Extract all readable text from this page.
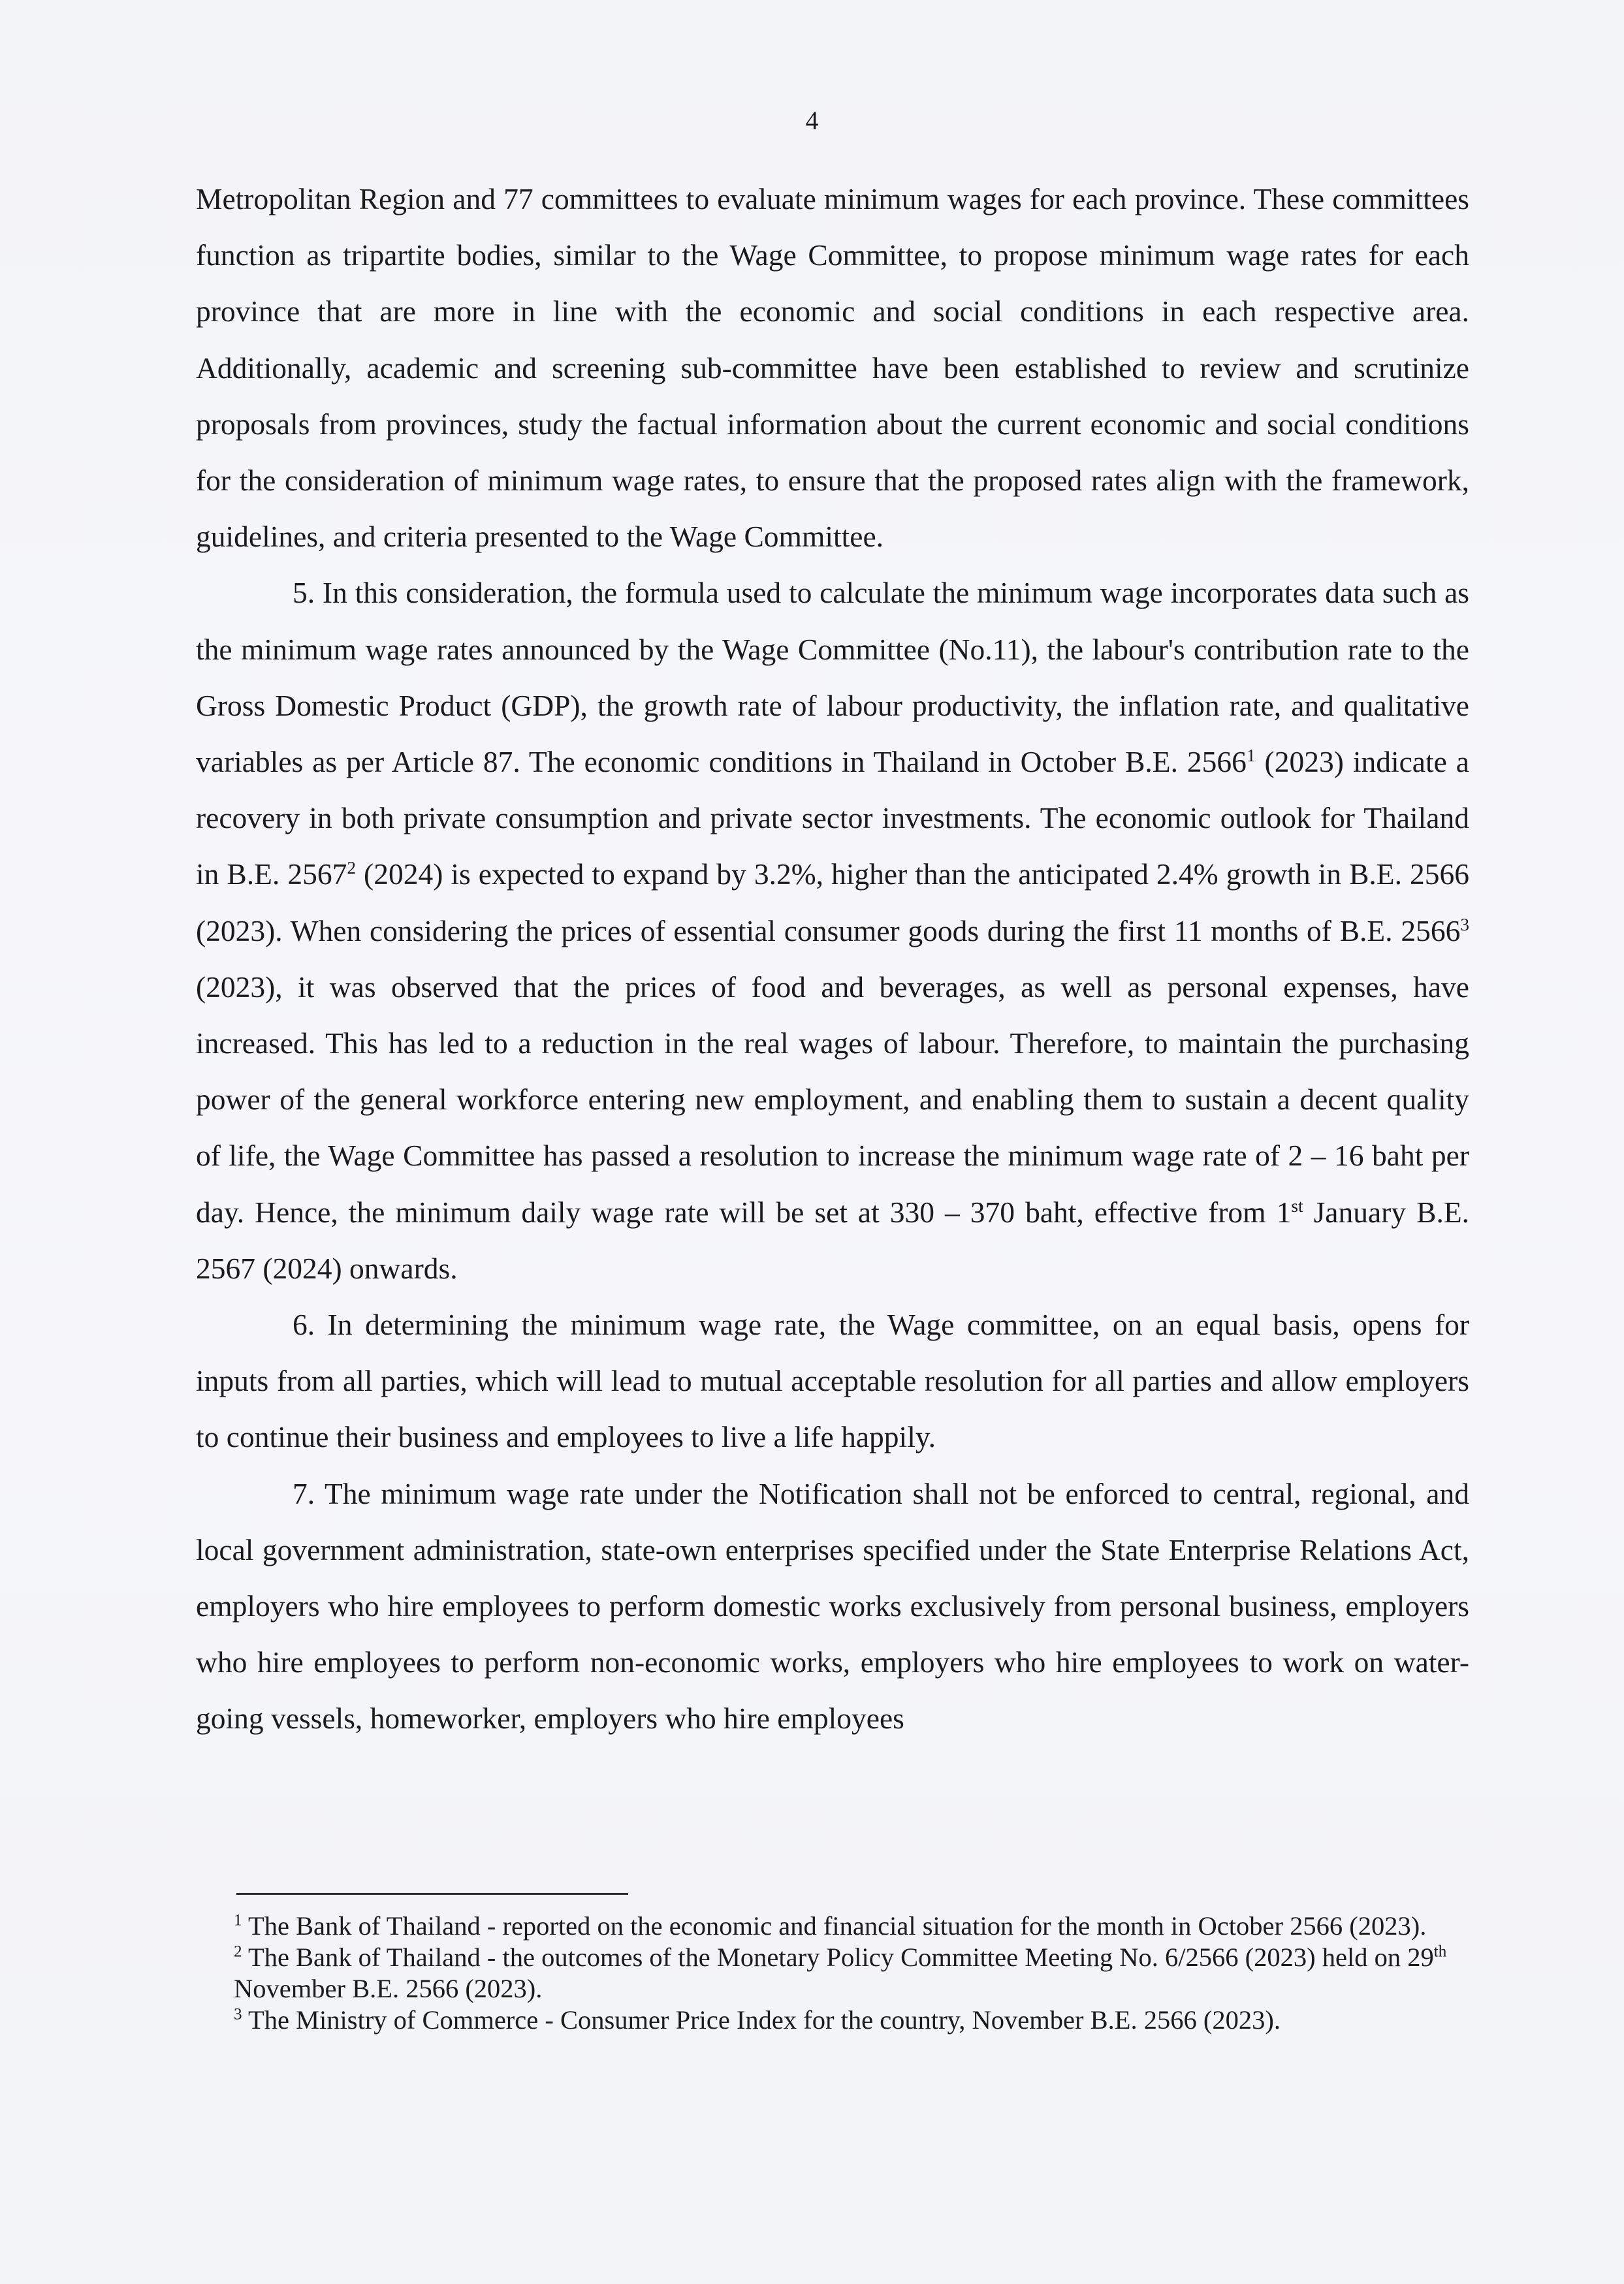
4

Metropolitan Region and 77 committees to evaluate minimum wages for each province. These committees function as tripartite bodies, similar to the Wage Committee, to propose minimum wage rates for each province that are more in line with the economic and social conditions in each respective area. Additionally, academic and screening sub-committee have been established to review and scrutinize proposals from provinces, study the factual information about the current economic and social conditions for the consideration of minimum wage rates, to ensure that the proposed rates align with the framework, guidelines, and criteria presented to the Wage Committee.

5. In this consideration, the formula used to calculate the minimum wage incorporates data such as the minimum wage rates announced by the Wage Committee (No.11), the labour's contribution rate to the Gross Domestic Product (GDP), the growth rate of labour productivity, the inflation rate, and qualitative variables as per Article 87. The economic conditions in Thailand in October B.E. 2566$^1$ (2023) indicate a recovery in both private consumption and private sector investments. The economic outlook for Thailand in B.E. 2567$^2$ (2024) is expected to expand by 3.2%, higher than the anticipated 2.4% growth in B.E. 2566 (2023). When considering the prices of essential consumer goods during the first 11 months of B.E. 2566$^3$ (2023), it was observed that the prices of food and beverages, as well as personal expenses, have increased. This has led to a reduction in the real wages of labour. Therefore, to maintain the purchasing power of the general workforce entering new employment, and enabling them to sustain a decent quality of life, the Wage Committee has passed a resolution to increase the minimum wage rate of 2 – 16 baht per day. Hence, the minimum daily wage rate will be set at 330 – 370 baht, effective from 1st January B.E. 2567 (2024) onwards.

6. In determining the minimum wage rate, the Wage committee, on an equal basis, opens for inputs from all parties, which will lead to mutual acceptable resolution for all parties and allow employers to continue their business and employees to live a life happily.

7. The minimum wage rate under the Notification shall not be enforced to central, regional, and local government administration, state-own enterprises specified under the State Enterprise Relations Act, employers who hire employees to perform domestic works exclusively from personal business, employers who hire employees to perform non-economic works, employers who hire employees to work on water-going vessels, homeworker, employers who hire employees

$^1$ The Bank of Thailand - reported on the economic and financial situation for the month in October 2566 (2023).

$^2$ The Bank of Thailand - the outcomes of the Monetary Policy Committee Meeting No. 6/2566 (2023) held on 29th November B.E. 2566 (2023).

$^3$ The Ministry of Commerce - Consumer Price Index for the country, November B.E. 2566 (2023).
